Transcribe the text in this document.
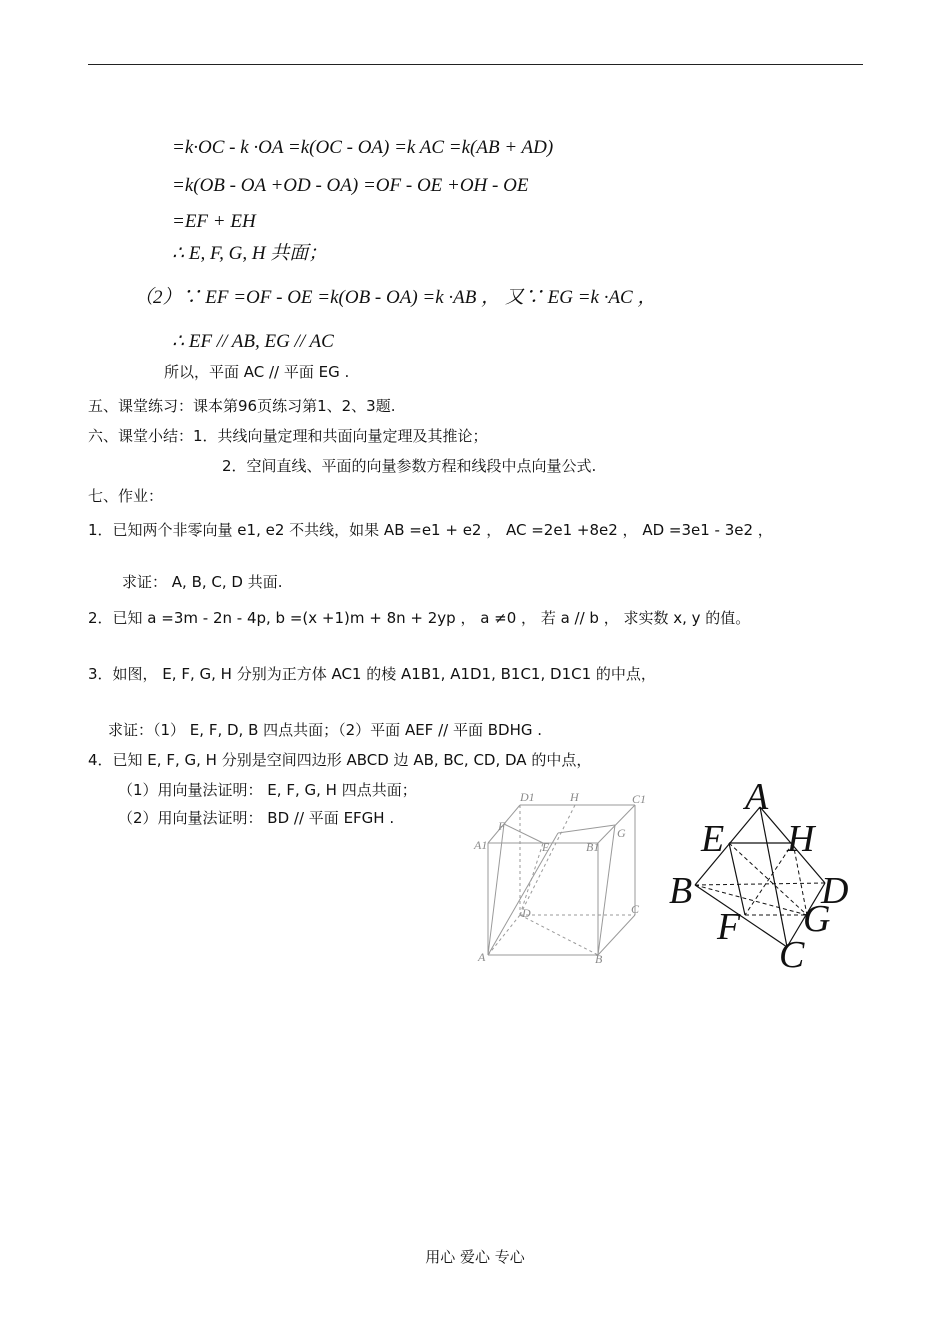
=k·OC - k ·OA =k(OC - OA) =k AC =k(AB + AD)
=k(OB - OA +OD - OA) =OF - OE +OH - OE
=EF + EH
∴ E, F, G, H 共面；
（2）∵ EF =OF - OE =k(OB - OA) =k ·AB ， 又∵ EG =k ·AC ，
∴ EF // AB, EG // AC
所以，平面 AC // 平面 EG .
五、课堂练习：课本第96页练习第1、2、3题.
六、课堂小结：1．共线向量定理和共面向量定理及其推论；
2．空间直线、平面的向量参数方程和线段中点向量公式.
七、作业：
1．已知两个非零向量 e1, e2 不共线，如果 AB =e1 + e2 ， AC =2e1 +8e2 ， AD =3e1 - 3e2 ，
求证： A, B, C, D 共面.
2．已知 a =3m - 2n - 4p, b =(x +1)m + 8n + 2yp ， a ≠0 ， 若 a // b ， 求实数 x, y 的值。
3．如图， E, F, G, H 分别为正方体 AC1 的棱 A1B1, A1D1, B1C1, D1C1 的中点，
求证：（1） E, F, D, B 四点共面；（2）平面 AEF // 平面 BDHG .
4．已知 E, F, G, H 分别是空间四边形 ABCD 边 AB, BC, CD, DA 的中点，
（1）用向量法证明： E, F, G, H 四点共面；
（2）用向量法证明： BD // 平面 EFGH .
D1	H	C1
F	G
A1	E	B1
D	C
A	B
A
E H
B	D
F G
C
用心 爱心 专心
